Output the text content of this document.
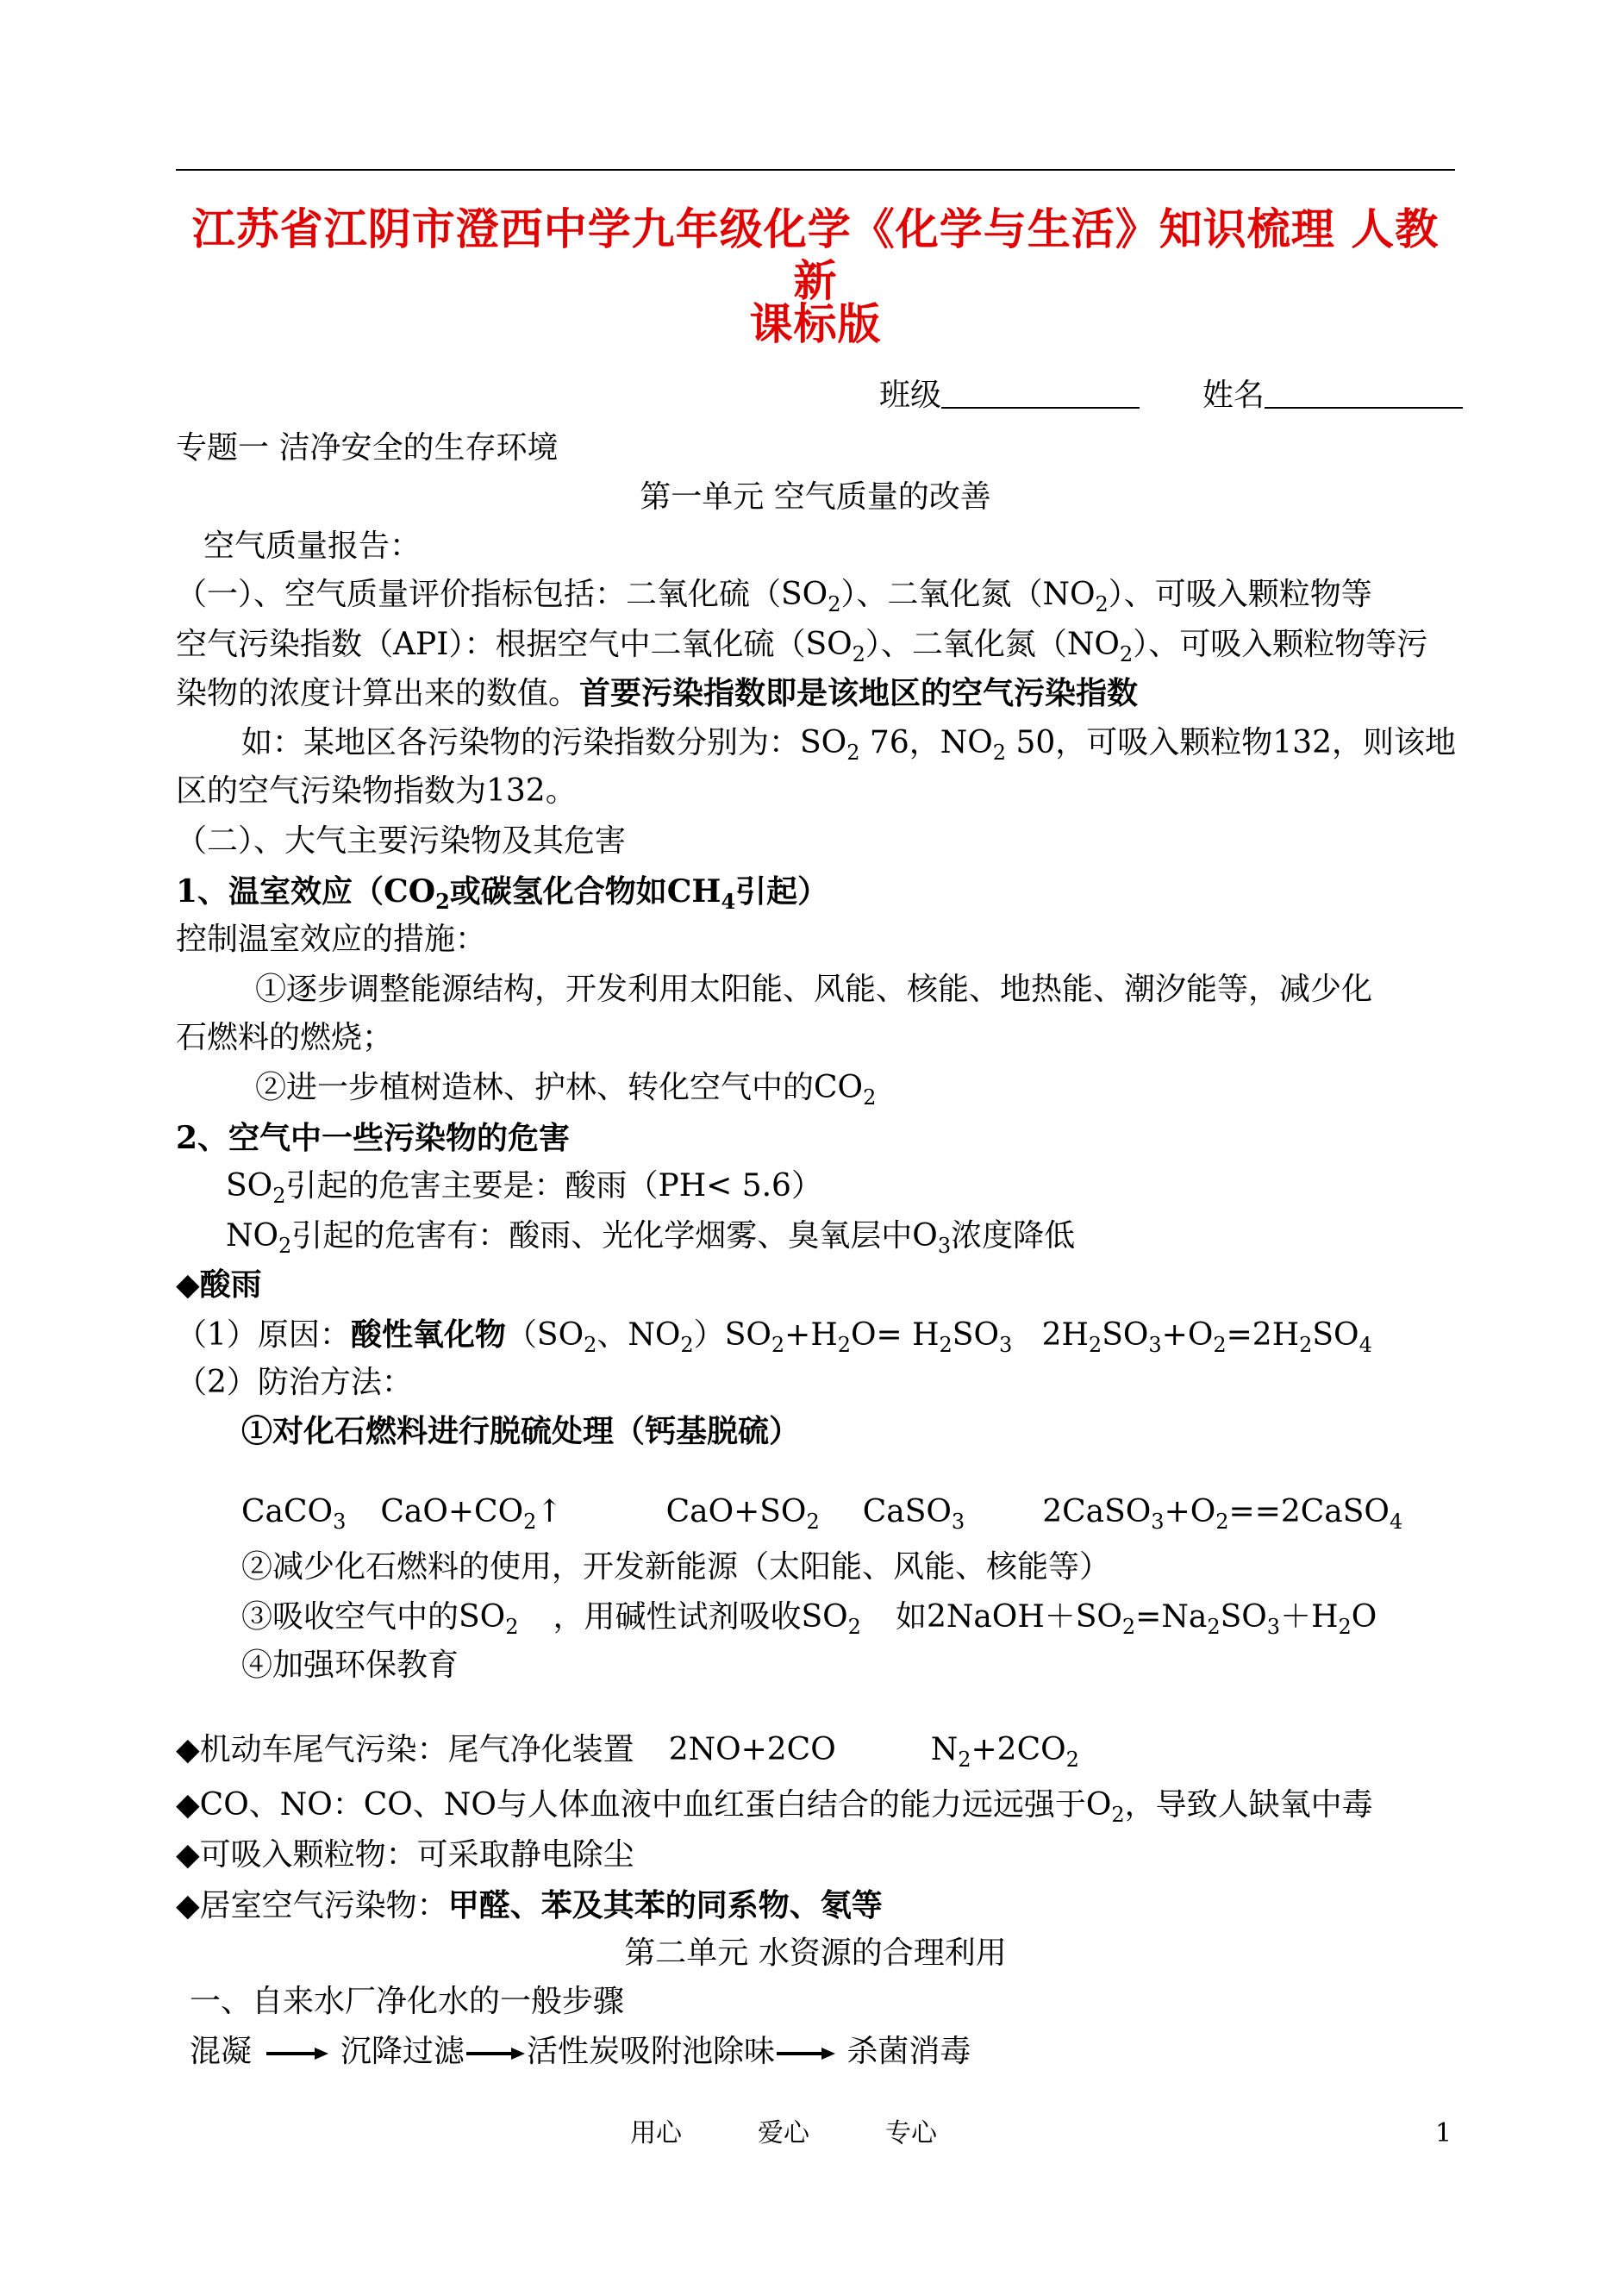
江苏省江阴市澄西中学九年级化学《化学与生活》知识梳理 人教新
课标版
班级	姓名
专题一 洁净安全的生存环境
第一单元 空气质量的改善
空气质量报告：
（一）、空气质量评价指标包括：二氧化硫$(SO_2)$、二氧化氮$(NO_2)$、可吸入颗粒物等
空气污染指数（API）：根据空气中二氧化硫$(SO_2)$、二氧化氮$(NO_2)$、可吸入颗粒物等污
染物的浓度计算出来的数值。首要污染指数即是该地区的空气污染指数
如：某地区各污染物的污染指数分别为：$SO_2$ 76，$NO_2$ 50，可吸入颗粒物132，则该地
区的空气污染物指数为132。
（二）、大气主要污染物及其危害
1、温室效应（$CO_2$或碳氢化合物如$CH_4$引起）
控制温室效应的措施：
①逐步调整能源结构，开发利用太阳能、风能、核能、地热能、潮汐能等，减少化
石燃料的燃烧；
②进一步植树造林、护林、转化空气中的$CO_2$
2、空气中一些污染物的危害
$SO_2$引起的危害主要是：酸雨（PH< 5.6）
$NO_2$引起的危害有：酸雨、光化学烟雾、臭氧层中$O_3$浓度降低
◆酸雨
（1）原因：酸性氧化物（$SO_2$、$NO_2)SO_2+H_2O= H_2SO_3$ $2H_2SO_3+O_2=2H_2SO_4$
（2）防治方法：
①对化石燃料进行脱硫处理（钙基脱硫）
CaCO$_3$ $CaO+CO_2↑$	$CaO+SO_2$ CaSO$_3$	$2CaSO_3+O_2==2CaSO_4$
②减少化石燃料的使用，开发新能源（太阳能、风能、核能等）
③吸收空气中的$SO_2$ ，用碱性试剂吸收$SO_2$ 如$2NaOH+SO_2=Na_2SO_3+H_2O$
④加强环保教育
◆机动车尾气污染：尾气净化装置 2NO+2CO	$N_2+2CO_2$
◆CO、NO：CO、NO与人体血液中血红蛋白结合的能力远远强于$O_2$，导致人缺氧中毒
◆可吸入颗粒物：可采取静电除尘
◆居室空气污染物：甲醛、苯及其苯的同系物、氡等
第二单元 水资源的合理利用
一、自来水厂净化水的一般步骤
混凝	沉降过滤 活性炭吸附池除味 杀菌消毒
用心	爱心	专心	1
